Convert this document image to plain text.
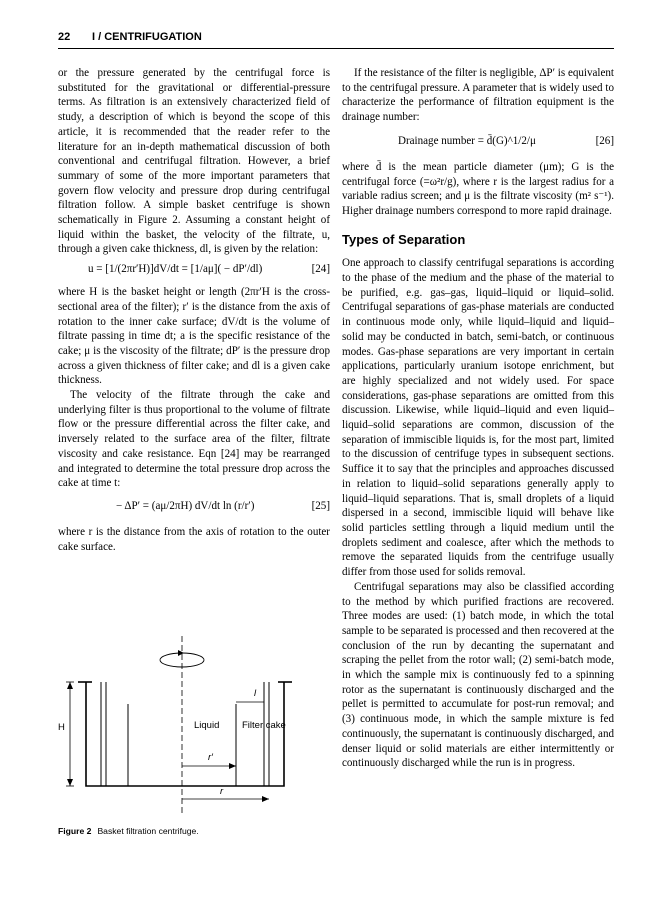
22 I / CENTRIFUGATION

or the pressure generated by the centrifugal force is substituted for the gravitational or differential-pressure terms. As filtration is an extensively characterized field of study, a description of which is beyond the scope of this article, it is recommended that the reader refer to the literature for an in-depth mathematical discussion of both conventional and centrifugal filtration. However, a brief summary of some of the more important parameters that govern flow velocity and pressure drop during centrifugal filtration follow. A simple basket centrifuge is shown schematically in Figure 2. Assuming a constant height of liquid within the basket, the velocity of the filtrate, u, through a given cake thickness, dl, is given by the relation:

u = [1/(2πr′H)]dV/dt = [1/aμ]( − dP′/dl)	[24]

where H is the basket height or length (2πr′H is the cross-sectional area of the filter); r′ is the distance from the axis of rotation to the inner cake surface; dV/dt is the volume of filtrate passing in time dt; a is the specific resistance of the cake; μ is the viscosity of the filtrate; dP′ is the pressure drop across a given thickness of filter cake; and dl is a given cake thickness.

The velocity of the filtrate through the cake and underlying filter is thus proportional to the volume of filtrate flow or the pressure differential across the filter cake, and inversely related to the surface area of the filter, filtrate viscosity and cake resistance. Eqn [24] may be rearranged and integrated to determine the total pressure drop across the cake at time t:

− ΔP′ = (aμ/2πH) dV/dt ln (r/r′)	[25]

where r is the distance from the axis of rotation to the outer cake surface.

H
l
Liquid Filter cake
r′
r
Figure 2 Basket filtration centrifuge.

If the resistance of the filter is negligible, ΔP′ is equivalent to the centrifugal pressure. A parameter that is widely used to characterize the performance of filtration equipment is the drainage number:

Drainage number = d̄(G)^1/2/μ	[26]

where d̄ is the mean particle diameter (μm); G is the centrifugal force (=ω²r/g), where r is the largest radius for a variable radius screen; and μ is the filtrate viscosity (m² s⁻¹). Higher drainage numbers correspond to more rapid drainage.

Types of Separation

One approach to classify centrifugal separations is according to the phase of the medium and the phase of the material to be purified, e.g. gas–gas, liquid–liquid or liquid–solid. Centrifugal separations of gas-phase materials are conducted in continuous mode only, while liquid–liquid and liquid–solid may be conducted in batch, semi-batch, or continuous modes. Gas-phase separations are very important in certain applications, particularly uranium isotope enrichment, but are highly specialized and not widely used. For space considerations, gas-phase separations are omitted from this discussion. Likewise, while liquid–liquid and even liquid–liquid–solid separations are common, discussion of the separation of immiscible liquids is, for the most part, limited to the discussion of centrifuge types in subsequent sections. Suffice it to say that the principles and approaches discussed in relation to liquid–solid separations generally apply to liquid–liquid separations. That is, small droplets of a liquid dispersed in a second, immiscible liquid will behave like solid particles settling through a liquid medium until the droplets sediment and coalesce, after which the methods to remove the separated liquids from the centrifuge usually differ from those used for solids removal.

Centrifugal separations may also be classified according to the method by which purified fractions are recovered. Three modes are used: (1) batch mode, in which the total sample to be separated is processed and then recovered at the conclusion of the run by decanting the supernatant and scraping the pellet from the rotor wall; (2) semi-batch mode, in which the sample mix is continuously fed to a spinning rotor as the supernatant is continuously discharged and the pellet is permitted to accumulate for post-run removal; and (3) continuous mode, in which the sample mixture is fed continuously, the supernatant is continuously discharged, and denser liquid or solid materials are either intermittently or continuously discharged while the run is in progress.
